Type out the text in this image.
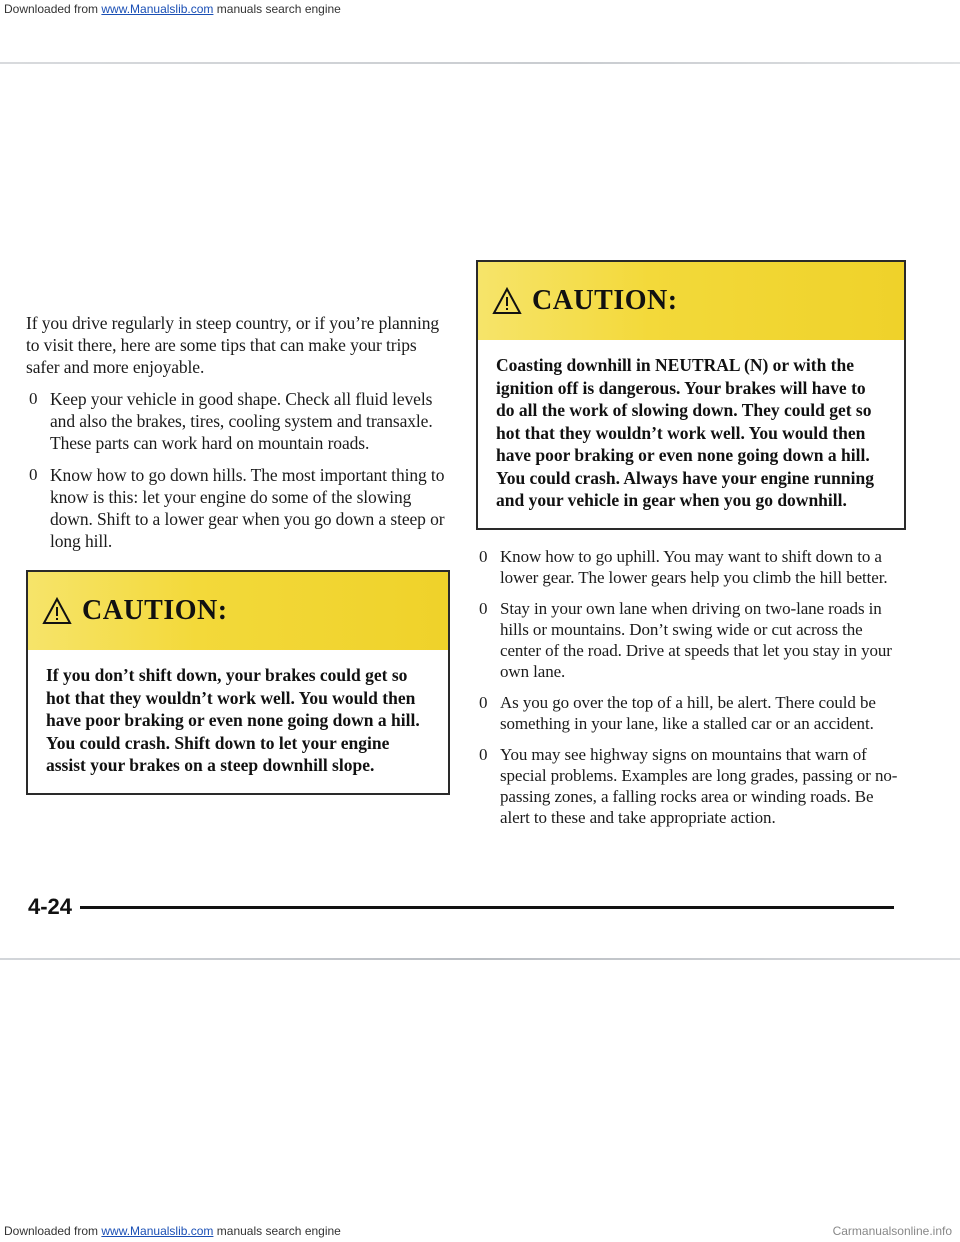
Downloaded from www.Manualslib.com manuals search engine

If you drive regularly in steep country, or if you’re planning to visit there, here are some tips that can make your trips safer and more enjoyable.

0 Keep your vehicle in good shape. Check all fluid levels and also the brakes, tires, cooling system and transaxle. These parts can work hard on mountain roads.
0 Know how to go down hills. The most important thing to know is this: let your engine do some of the slowing down. Shift to a lower gear when you go down a steep or long hill.
CAUTION:
If you don’t shift down, your brakes could get so hot that they wouldn’t work well. You would then have poor braking or even none going down a hill. You could crash. Shift down to let your engine assist your brakes on a steep downhill slope.
CAUTION:
Coasting downhill in NEUTRAL (N) or with the ignition off is dangerous. Your brakes will have to do all the work of slowing down. They could get so hot that they wouldn’t work well. You would then have poor braking or even none going down a hill. You could crash. Always have your engine running and your vehicle in gear when you go downhill.
0 Know how to go uphill. You may want to shift down to a lower gear. The lower gears help you climb the hill better.
0 Stay in your own lane when driving on two-lane roads in hills or mountains. Don’t swing wide or cut across the center of the road. Drive at speeds that let you stay in your own lane.
0 As you go over the top of a hill, be alert. There could be something in your lane, like a stalled car or an accident.
0 You may see highway signs on mountains that warn of special problems. Examples are long grades, passing or no-passing zones, a falling rocks area or winding roads. Be alert to these and take appropriate action.
4-24
Downloaded from www.Manualslib.com manuals search engine	Carmanualsonline.info
